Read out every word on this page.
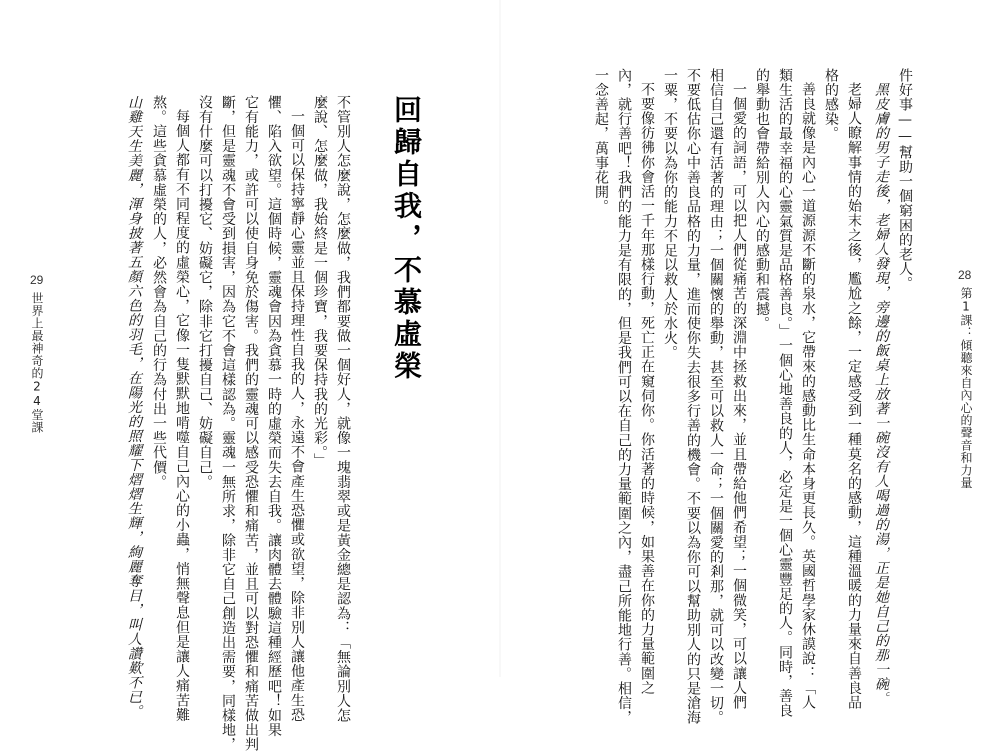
回歸自我，不慕虛榮
不管別人怎麼說，怎麼做，我們都要做一個好人，就像一塊翡翠或是黃金總是認為：「無論別人怎
麼說、怎麼做，我始終是一個珍寶，我要保持我的光彩。」
一個可以保持寧靜心靈並且保持理性自我的人，永遠不會產生恐懼或欲望，除非別人讓他產生恐
懼、陷入欲望。這個時候，靈魂會因為貪慕一時的虛榮而失去自我。讓肉體去體驗這種經歷吧！如果
它有能力，或許可以使自身免於傷害。我們的靈魂可以感受恐懼和痛苦，並且可以對恐懼和痛苦做出判
斷，但是靈魂不會受到損害，因為它不會這樣認為。靈魂一無所求，除非它自己創造出需要，同樣地，
沒有什麼可以打擾它、妨礙它，除非它打擾自己、妨礙自己。
每個人都有不同程度的虛榮心，它像一隻默默地啃噬自己內心的小蟲，悄無聲息但是讓人痛苦難
熬。這些貪慕虛榮的人，必然會為自己的行為付出一些代價。
山雞天生美麗，渾身披著五顏六色的羽毛，在陽光的照耀下熠熠生輝，絢麗奪目，叫人讚歎不已。
29
世界上最神奇的24堂課
件好事——幫助一個窮困的老人。
黑皮膚的男子走後，老婦人發現，旁邊的飯桌上放著一碗沒有人喝過的湯，正是她自己的那一碗。
老婦人瞭解事情的始末之後，尷尬之餘，一定感受到一種莫名的感動，這種溫暖的力量來自善良品
格的感染。
善良就像是內心一道源源不斷的泉水，它帶來的感動比生命本身更長久。英國哲學家休謨說：「人
類生活的最幸福的心靈氣質是品格善良。」一個心地善良的人，必定是一個心靈豐足的人。同時，善良
的舉動也會帶給別人內心的感動和震撼。
一個愛的詞語，可以把人們從痛苦的深淵中拯救出來，並且帶給他們希望；一個微笑，可以讓人們
相信自己還有活著的理由；一個關懷的舉動，甚至可以救人一命；一個關愛的剎那，就可以改變一切。
不要低估你心中善良品格的力量，進而使你失去很多行善的機會。不要以為你可以幫助別人的只是滄海
一粟，不要以為你的能力不足以救人於水火。
不要像彷彿你會活一千年那樣行動，死亡正在窺伺你。你活著的時候，如果善在你的力量範圍之
內，就行善吧！我們的能力是有限的，但是我們可以在自己的力量範圍之內，盡己所能地行善。相信，
一念善起，萬事花開。
28
第1課：傾聽來自內心的聲音和力量
